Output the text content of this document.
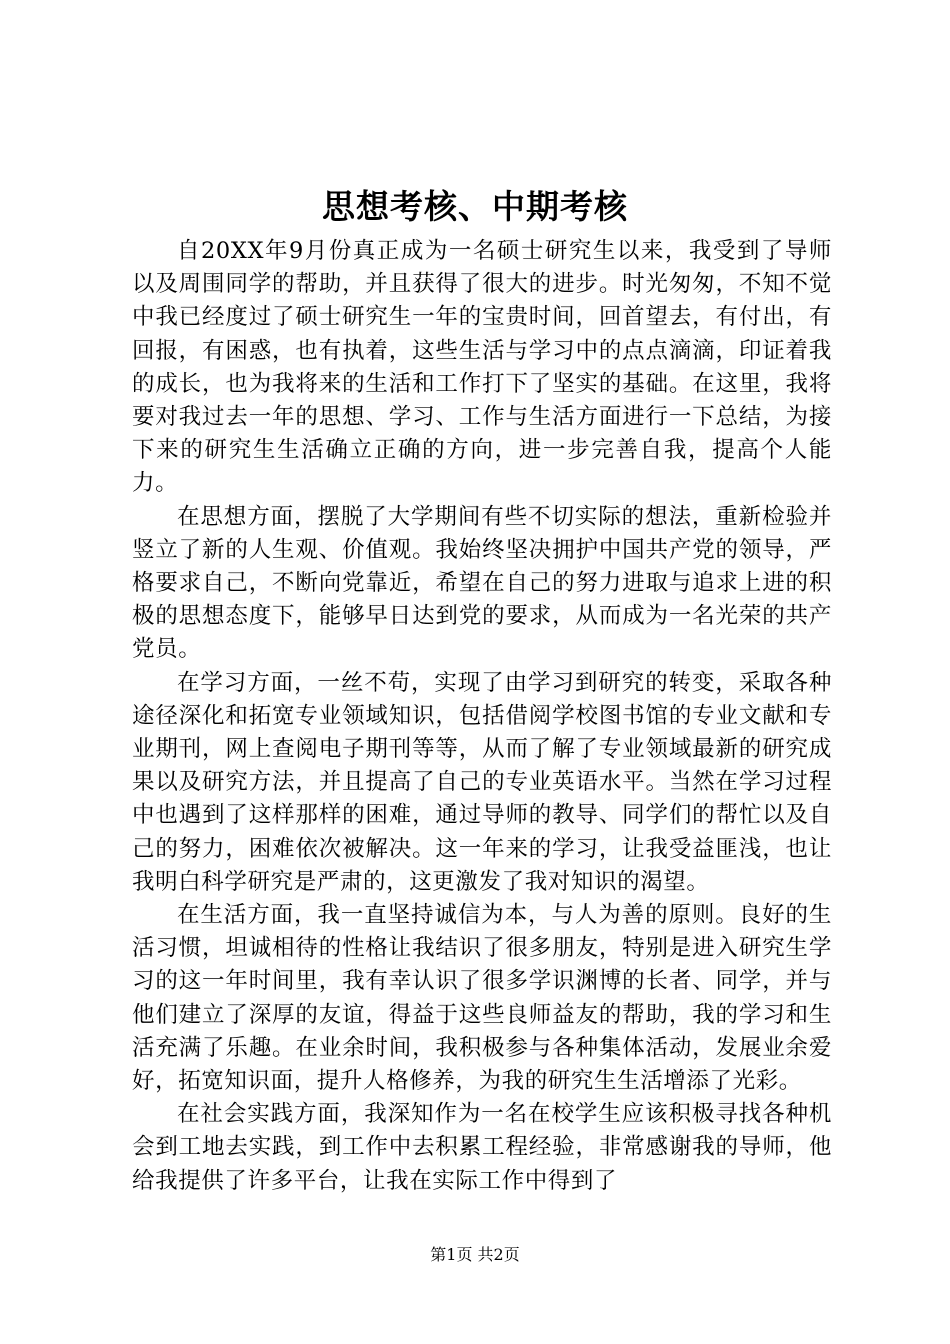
思想考核、中期考核

自20XX年9月份真正成为一名硕士研究生以来，我受到了导师以及周围同学的帮助，并且获得了很大的进步。时光匆匆，不知不觉中我已经度过了硕士研究生一年的宝贵时间，回首望去，有付出，有回报，有困惑，也有执着，这些生活与学习中的点点滴滴，印证着我的成长，也为我将来的生活和工作打下了坚实的基础。在这里，我将要对我过去一年的思想、学习、工作与生活方面进行一下总结，为接下来的研究生生活确立正确的方向，进一步完善自我，提高个人能力。

在思想方面，摆脱了大学期间有些不切实际的想法，重新检验并竖立了新的人生观、价值观。我始终坚决拥护中国共产党的领导，严格要求自己，不断向党靠近，希望在自己的努力进取与追求上进的积极的思想态度下，能够早日达到党的要求，从而成为一名光荣的共产党员。

在学习方面，一丝不苟，实现了由学习到研究的转变，采取各种途径深化和拓宽专业领域知识，包括借阅学校图书馆的专业文献和专业期刊，网上查阅电子期刊等等，从而了解了专业领域最新的研究成果以及研究方法，并且提高了自己的专业英语水平。当然在学习过程中也遇到了这样那样的困难，通过导师的教导、同学们的帮忙以及自己的努力，困难依次被解决。这一年来的学习，让我受益匪浅，也让我明白科学研究是严肃的，这更激发了我对知识的渴望。

在生活方面，我一直坚持诚信为本，与人为善的原则。良好的生活习惯，坦诚相待的性格让我结识了很多朋友，特别是进入研究生学习的这一年时间里，我有幸认识了很多学识渊博的长者、同学，并与他们建立了深厚的友谊，得益于这些良师益友的帮助，我的学习和生活充满了乐趣。在业余时间，我积极参与各种集体活动，发展业余爱好，拓宽知识面，提升人格修养，为我的研究生生活增添了光彩。

在社会实践方面，我深知作为一名在校学生应该积极寻找各种机会到工地去实践，到工作中去积累工程经验，非常感谢我的导师，他给我提供了许多平台，让我在实际工作中得到了

第1页 共2页
